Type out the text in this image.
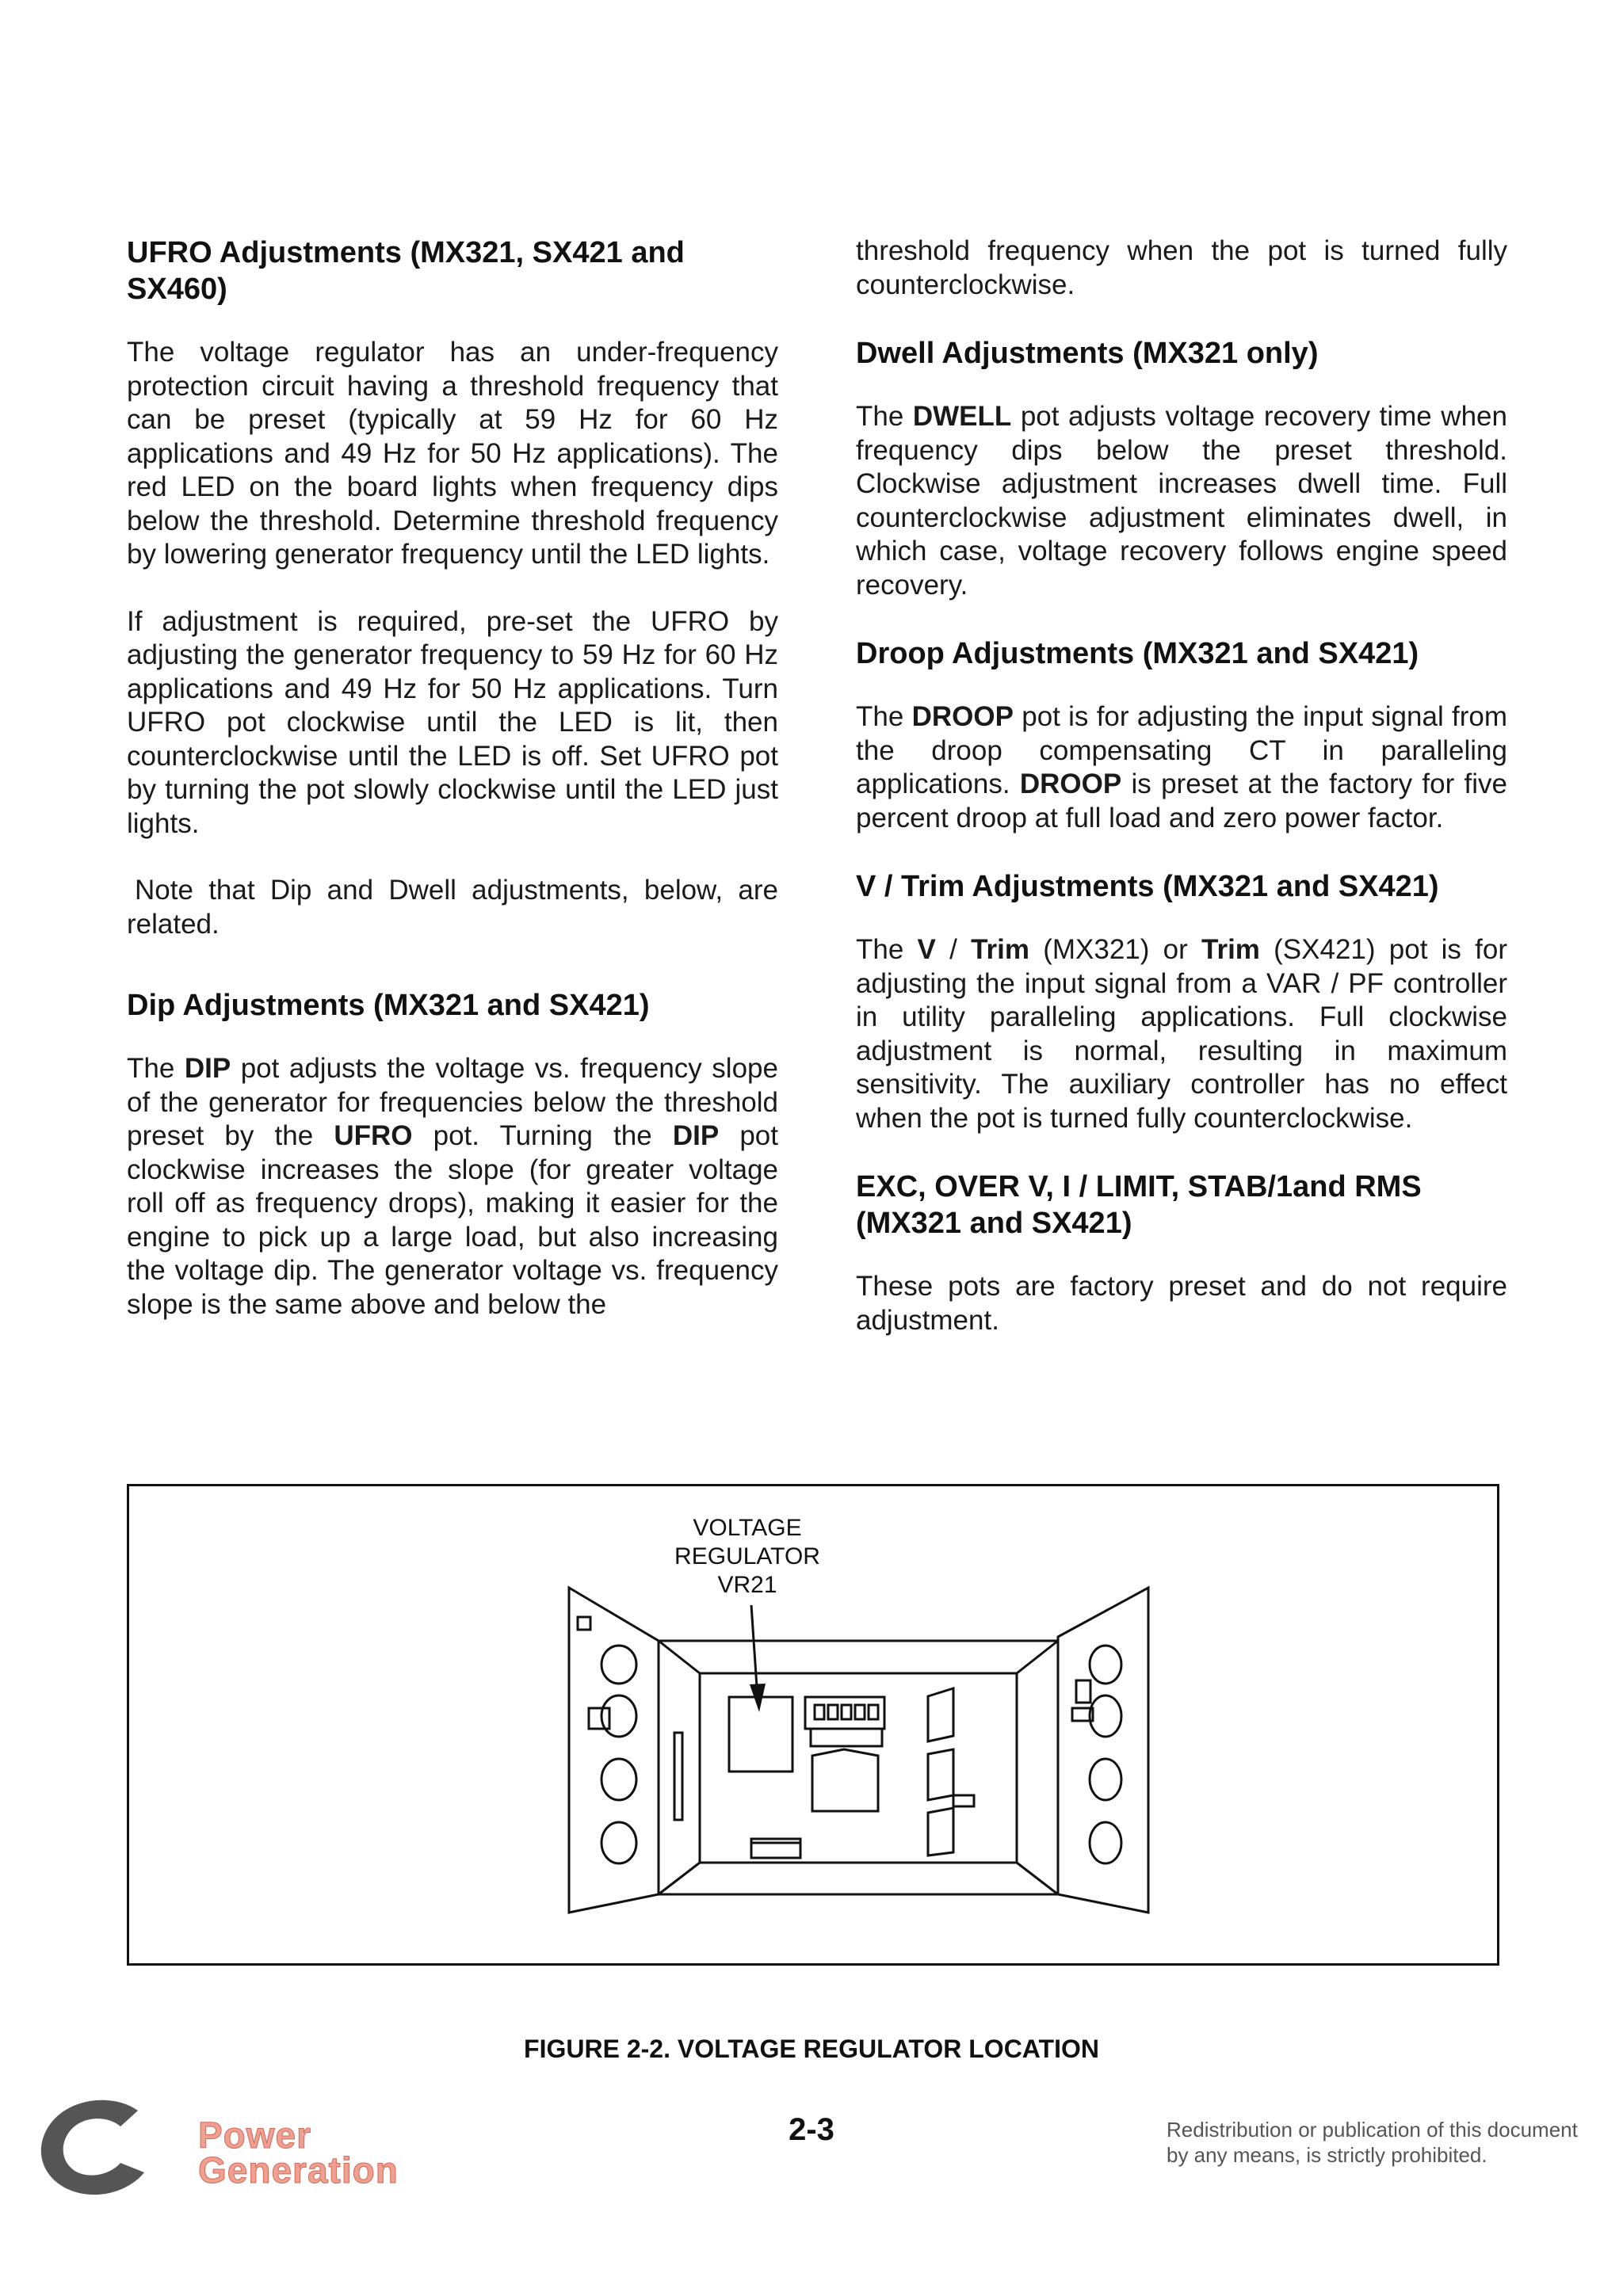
UFRO Adjustments (MX321, SX421 and SX460)

The voltage regulator has an under-frequency protection circuit having a threshold frequency that can be preset (typically at 59 Hz for 60 Hz applications and 49 Hz for 50 Hz applications). The red LED on the board lights when frequency dips below the threshold. Determine threshold frequency by lowering generator frequency until the LED lights.

If adjustment is required, pre-set the UFRO by adjusting the generator frequency to 59 Hz for 60 Hz applications and 49 Hz for 50 Hz applications. Turn UFRO pot clockwise until the LED is lit, then counterclockwise until the LED is off. Set UFRO pot by turning the pot slowly clockwise until the LED just lights.

Note that Dip and Dwell adjustments, below, are related.

Dip Adjustments (MX321 and SX421)

The DIP pot adjusts the voltage vs. frequency slope of the generator for frequencies below the threshold preset by the UFRO pot. Turning the DIP pot clockwise increases the slope (for greater voltage roll off as frequency drops), making it easier for the engine to pick up a large load, but also increasing the voltage dip. The generator voltage vs. frequency slope is the same above and below the

threshold frequency when the pot is turned fully counterclockwise.

Dwell Adjustments (MX321 only)

The DWELL pot adjusts voltage recovery time when frequency dips below the preset threshold. Clockwise adjustment increases dwell time. Full counterclockwise adjustment eliminates dwell, in which case, voltage recovery follows engine speed recovery.

Droop Adjustments (MX321 and SX421)

The DROOP pot is for adjusting the input signal from the droop compensating CT in paralleling applications. DROOP is preset at the factory for five percent droop at full load and zero power factor.

V / Trim Adjustments (MX321 and SX421)

The V / Trim (MX321) or Trim (SX421) pot is for adjusting the input signal from a VAR / PF controller in utility paralleling applications. Full clockwise adjustment is normal, resulting in maximum sensitivity. The auxiliary controller has no effect when the pot is turned fully counterclockwise.

EXC, OVER V, I / LIMIT, STAB/1and RMS (MX321 and SX421)

These pots are factory preset and do not require adjustment.

VOLTAGE
REGULATOR
VR21
FIGURE 2-2. VOLTAGE REGULATOR LOCATION
Cummins Power
Generation
2-3	Redistribution or publication of this document
by any means, is strictly prohibited.
